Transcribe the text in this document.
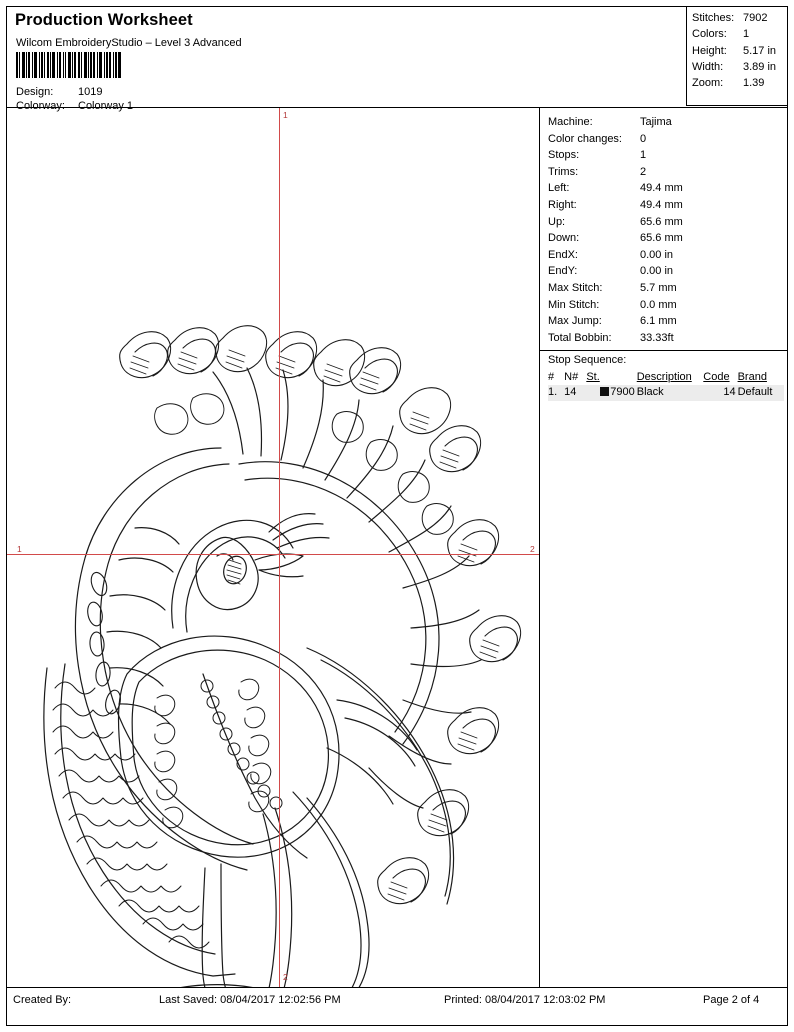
Production Worksheet
Wilcom EmbroideryStudio – Level 3 Advanced
Design:	1019
Colorway:	Colorway 1
Stitches: 7902
Colors:	1
Height:	5.17 in
Width:	3.89 in
Zoom:	1.39
1
2
1	2
Machine:	Tajima
Color changes:	0
Stops:	1
Trims:	2
Left:	49.4 mm
Right:	49.4 mm
Up:	65.6 mm
Down:	65.6 mm
EndX:	0.00 in
EndY:	0.00 in
Max Stitch:	5.7 mm
Min Stitch:	0.0 mm
Max Jump:	6.1 mm
Total Bobbin:	33.33ft
Stop Sequence:
#	N#	St.	Description	Code	Brand
1.	14	7900	Black	14	Default
Created By:	Last Saved: 08/04/2017 12:02:56 PM	Printed: 08/04/2017 12:03:02 PM	Page 2 of 4
